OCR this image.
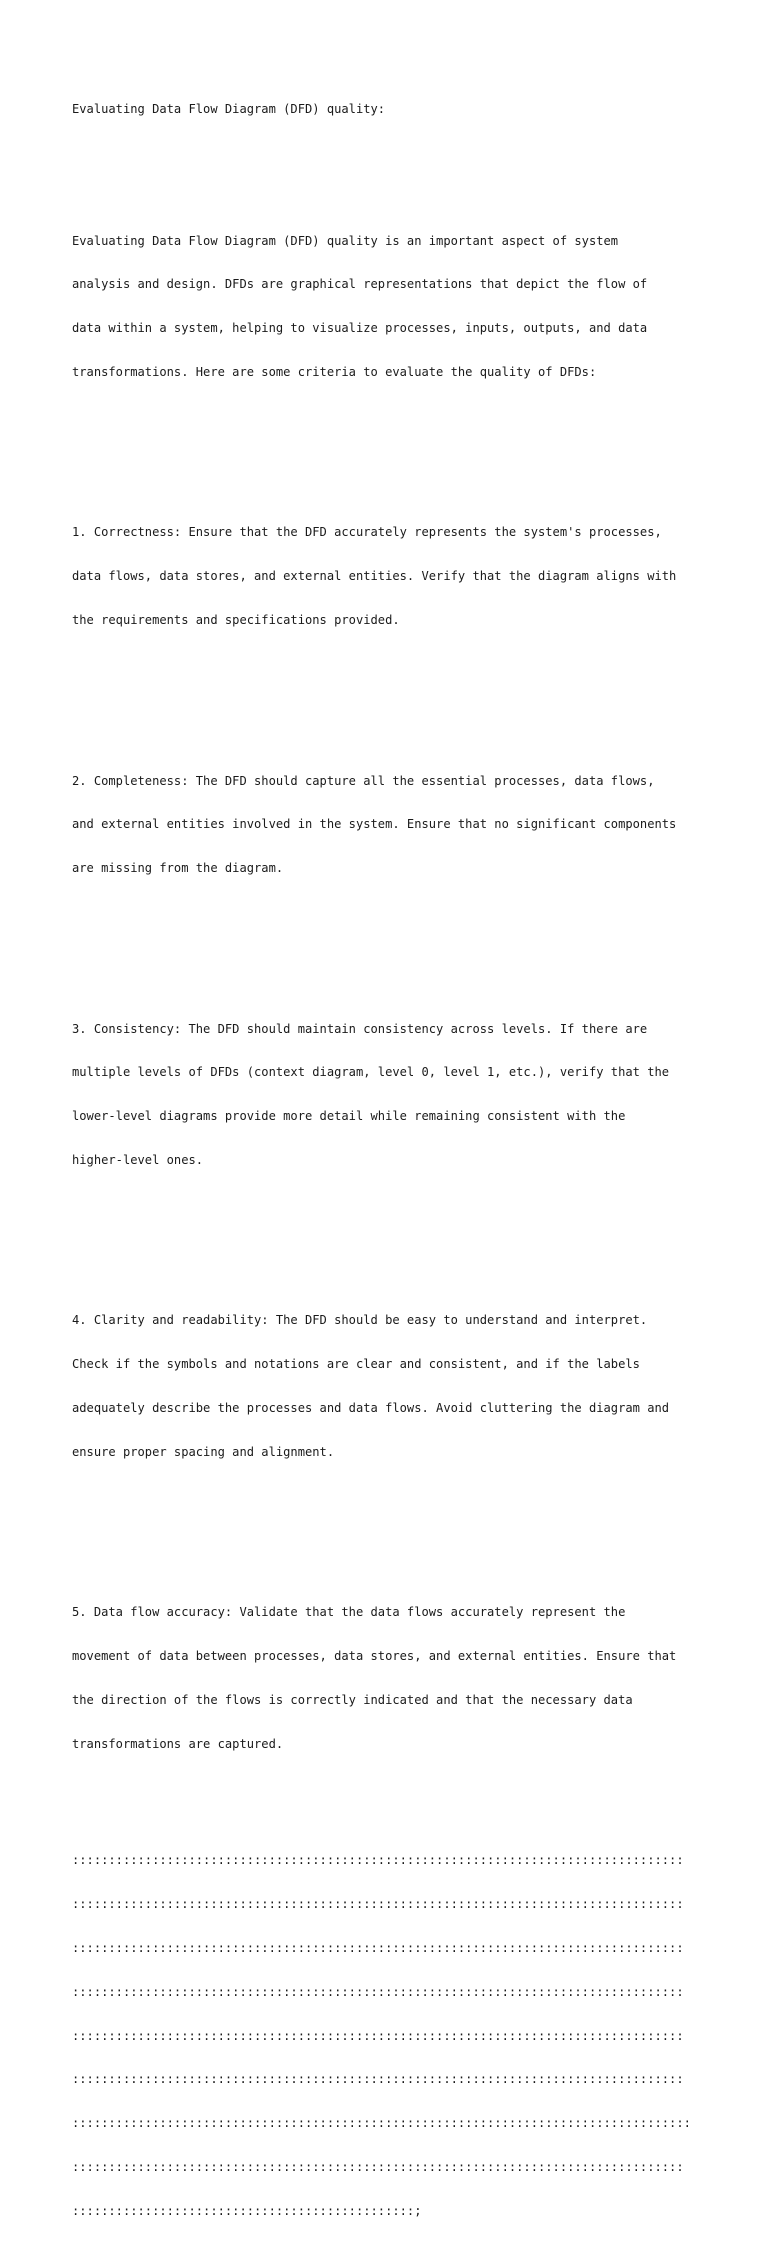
Evaluating Data Flow Diagram (DFD) quality:

Evaluating Data Flow Diagram (DFD) quality is an important aspect of system

analysis and design. DFDs are graphical representations that depict the flow of

data within a system, helping to visualize processes, inputs, outputs, and data

transformations. Here are some criteria to evaluate the quality of DFDs:

1. Correctness: Ensure that the DFD accurately represents the system's processes,

data flows, data stores, and external entities. Verify that the diagram aligns with

the requirements and specifications provided.

2. Completeness: The DFD should capture all the essential processes, data flows,

and external entities involved in the system. Ensure that no significant components

are missing from the diagram.

3. Consistency: The DFD should maintain consistency across levels. If there are

multiple levels of DFDs (context diagram, level 0, level 1, etc.), verify that the

lower-level diagrams provide more detail while remaining consistent with the

higher-level ones.

4. Clarity and readability: The DFD should be easy to understand and interpret.

Check if the symbols and notations are clear and consistent, and if the labels

adequately describe the processes and data flows. Avoid cluttering the diagram and

ensure proper spacing and alignment.

5. Data flow accuracy: Validate that the data flows accurately represent the

movement of data between processes, data stores, and external entities. Ensure that

the direction of the flows is correctly indicated and that the necessary data

transformations are captured.

::::::::::::::::::::::::::::::::::::::::::::::::::::::::::::::::::::::::::::::::::::

::::::::::::::::::::::::::::::::::::::::::::::::::::::::::::::::::::::::::::::::::::

::::::::::::::::::::::::::::::::::::::::::::::::::::::::::::::::::::::::::::::::::::

::::::::::::::::::::::::::::::::::::::::::::::::::::::::::::::::::::::::::::::::::::

::::::::::::::::::::::::::::::::::::::::::::::::::::::::::::::::::::::::::::::::::::

::::::::::::::::::::::::::::::::::::::::::::::::::::::::::::::::::::::::::::::::::::

:::::::::::::::::::::::::::::::::::::::::::::::::::::::::::::::::::::::::::::::::::::

::::::::::::::::::::::::::::::::::::::::::::::::::::::::::::::::::::::::::::::::::::

:::::::::::::::::::::::::::::::::::::::::::::::;
